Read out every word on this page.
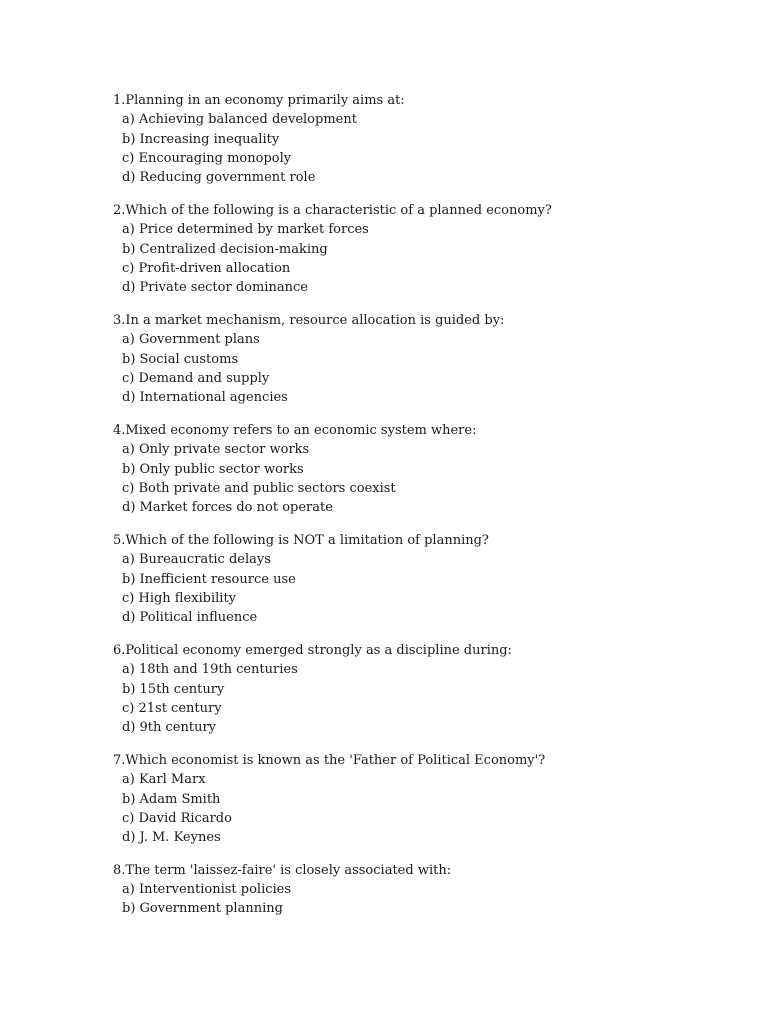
1.Planning in an economy primarily aims at:
a) Achieving balanced development
b) Increasing inequality
c) Encouraging monopoly
d) Reducing government role
2.Which of the following is a characteristic of a planned economy?
a) Price determined by market forces
b) Centralized decision-making
c) Profit-driven allocation
d) Private sector dominance
3.In a market mechanism, resource allocation is guided by:
a) Government plans
b) Social customs
c) Demand and supply
d) International agencies
4.Mixed economy refers to an economic system where:
a) Only private sector works
b) Only public sector works
c) Both private and public sectors coexist
d) Market forces do not operate
5.Which of the following is NOT a limitation of planning?
a) Bureaucratic delays
b) Inefficient resource use
c) High flexibility
d) Political influence
6.Political economy emerged strongly as a discipline during:
a) 18th and 19th centuries
b) 15th century
c) 21st century
d) 9th century
7.Which economist is known as the 'Father of Political Economy'?
a) Karl Marx
b) Adam Smith
c) David Ricardo
d) J. M. Keynes
8.The term 'laissez-faire' is closely associated with:
a) Interventionist policies
b) Government planning
